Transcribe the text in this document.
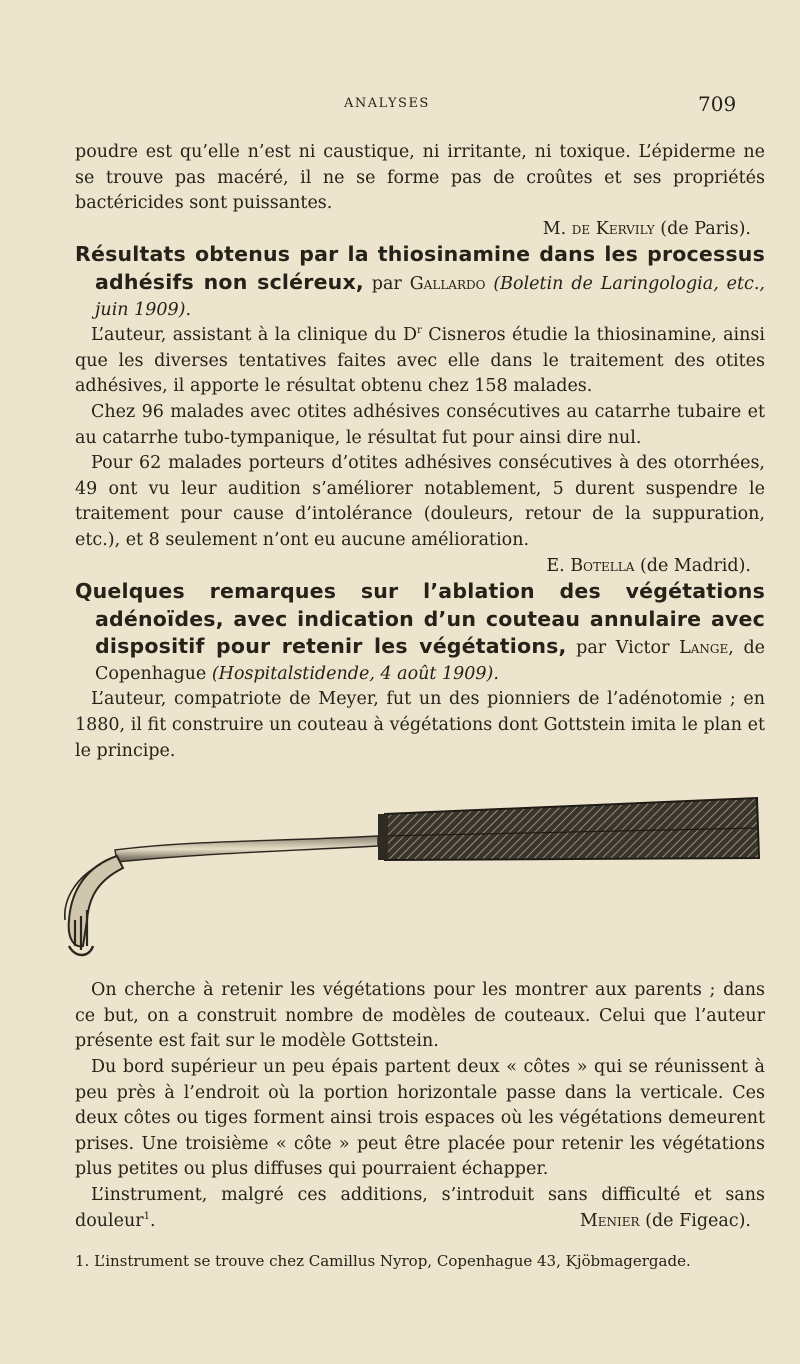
ANALYSES	709

poudre est qu’elle n’est ni caustique, ni irritante, ni toxique. L’épiderme ne se trouve pas macéré, il ne se forme pas de croûtes et ses propriétés bactéricides sont puissantes.

M. de Kervily (de Paris).

Résultats obtenus par la thiosinamine dans les processus adhésifs non scléreux, par Gallardo (Boletin de Laringologia, etc., juin 1909).

L’auteur, assistant à la clinique du $D^r$ Cisneros étudie la thiosinamine, ainsi que les diverses tentatives faites avec elle dans le traitement des otites adhésives, il apporte le résultat obtenu chez 158 malades.

Chez 96 malades avec otites adhésives consécutives au catarrhe tubaire et au catarrhe tubo-tympanique, le résultat fut pour ainsi dire nul.

Pour 62 malades porteurs d’otites adhésives consécutives à des otorrhées, 49 ont vu leur audition s’améliorer notablement, 5 durent suspendre le traitement pour cause d’intolérance (douleurs, retour de la suppuration, etc.), et 8 seulement n’ont eu aucune amélioration.

E. Botella (de Madrid).

Quelques remarques sur l’ablation des végétations adénoïdes, avec indication d’un couteau annulaire avec dispositif pour retenir les végétations, par Victor Lange, de Copenhague (Hospitalstidende, 4 août 1909).

L’auteur, compatriote de Meyer, fut un des pionniers de l’adénotomie ; en 1880, il fit construire un couteau à végétations dont Gottstein imita le plan et le principe.

On cherche à retenir les végétations pour les montrer aux parents ; dans ce but, on a construit nombre de modèles de couteaux. Celui que l’auteur présente est fait sur le modèle Gottstein.

Du bord supérieur un peu épais partent deux « côtes » qui se réunissent à peu près à l’endroit où la portion horizontale passe dans la verticale. Ces deux côtes ou tiges forment ainsi trois espaces où les végétations demeurent prises. Une troisième « côte » peut être placée pour retenir les végétations plus petites ou plus diffuses qui pourraient échapper.

L’instrument, malgré ces additions, s’introduit sans difficulté et sans douleur$^1$.	Menier (de Figeac).

1. L’instrument se trouve chez Camillus Nyrop, Copenhague 43, Kjöbmagergade.
